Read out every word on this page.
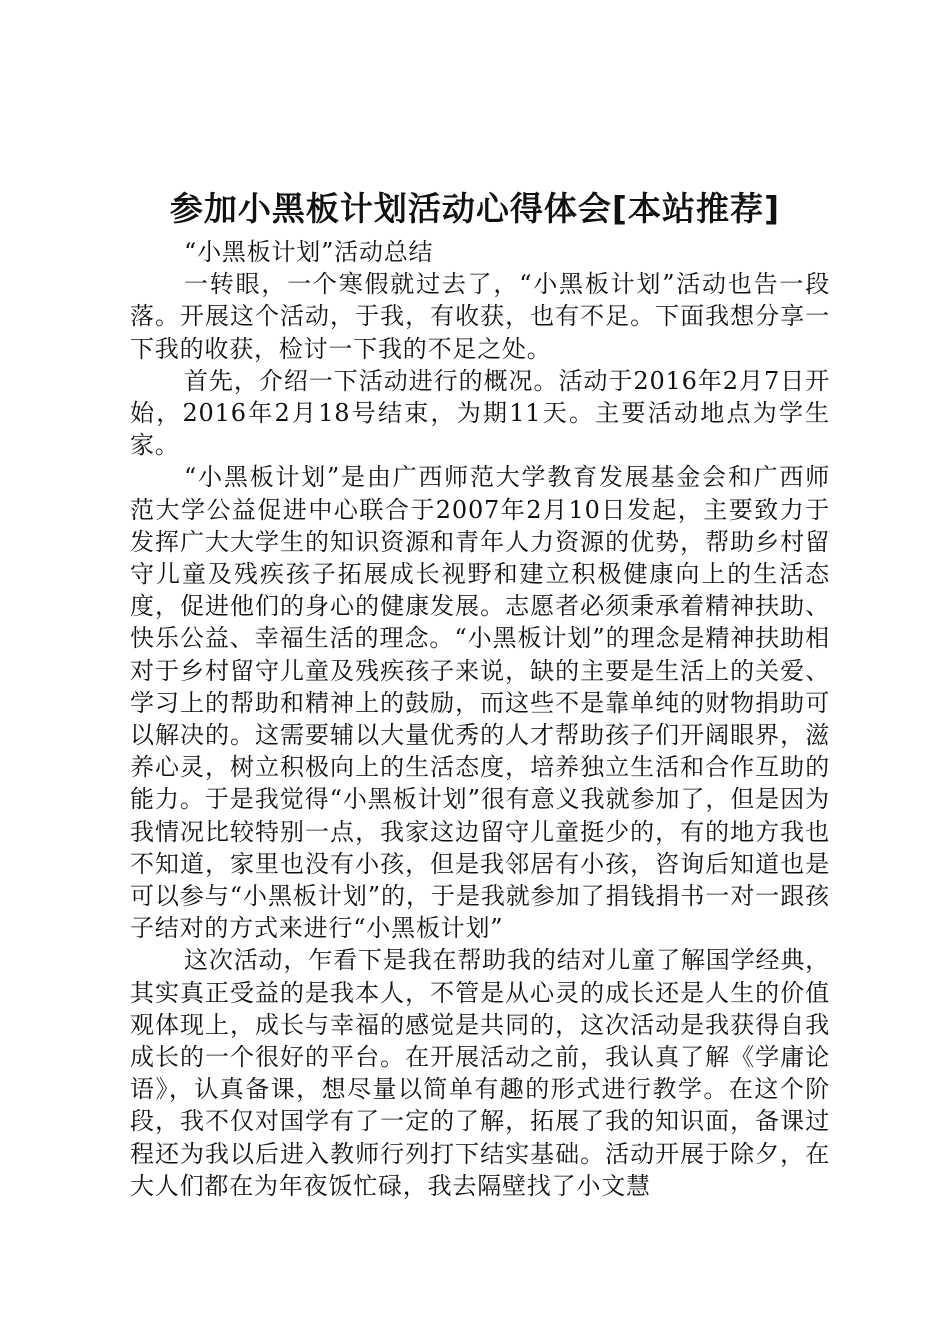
参加小黑板计划活动心得体会[本站推荐]

“小黑板计划”活动总结

一转眼，一个寒假就过去了，“小黑板计划”活动也告一段落。开展这个活动，于我，有收获，也有不足。下面我想分享一下我的收获，检讨一下我的不足之处。

首先，介绍一下活动进行的概况。活动于2016年2月7日开始，2016年2月18号结束，为期11天。主要活动地点为学生家。

“小黑板计划”是由广西师范大学教育发展基金会和广西师范大学公益促进中心联合于2007年2月10日发起，主要致力于发挥广大大学生的知识资源和青年人力资源的优势，帮助乡村留守儿童及残疾孩子拓展成长视野和建立积极健康向上的生活态度，促进他们的身心的健康发展。志愿者必须秉承着精神扶助、快乐公益、幸福生活的理念。“小黑板计划”的理念是精神扶助相对于乡村留守儿童及残疾孩子来说，缺的主要是生活上的关爱、学习上的帮助和精神上的鼓励，而这些不是靠单纯的财物捐助可以解决的。这需要辅以大量优秀的人才帮助孩子们开阔眼界，滋养心灵，树立积极向上的生活态度，培养独立生活和合作互助的能力。于是我觉得“小黑板计划”很有意义我就参加了，但是因为我情况比较特别一点，我家这边留守儿童挺少的，有的地方我也不知道，家里也没有小孩，但是我邻居有小孩，咨询后知道也是可以参与“小黑板计划”的，于是我就参加了捐钱捐书一对一跟孩子结对的方式来进行“小黑板计划”

这次活动，乍看下是我在帮助我的结对儿童了解国学经典，其实真正受益的是我本人，不管是从心灵的成长还是人生的价值观体现上，成长与幸福的感觉是共同的，这次活动是我获得自我成长的一个很好的平台。在开展活动之前，我认真了解《学庸论语》，认真备课，想尽量以简单有趣的形式进行教学。在这个阶段，我不仅对国学有了一定的了解，拓展了我的知识面，备课过程还为我以后进入教师行列打下结实基础。活动开展于除夕，在大人们都在为年夜饭忙碌，我去隔壁找了小文慧
